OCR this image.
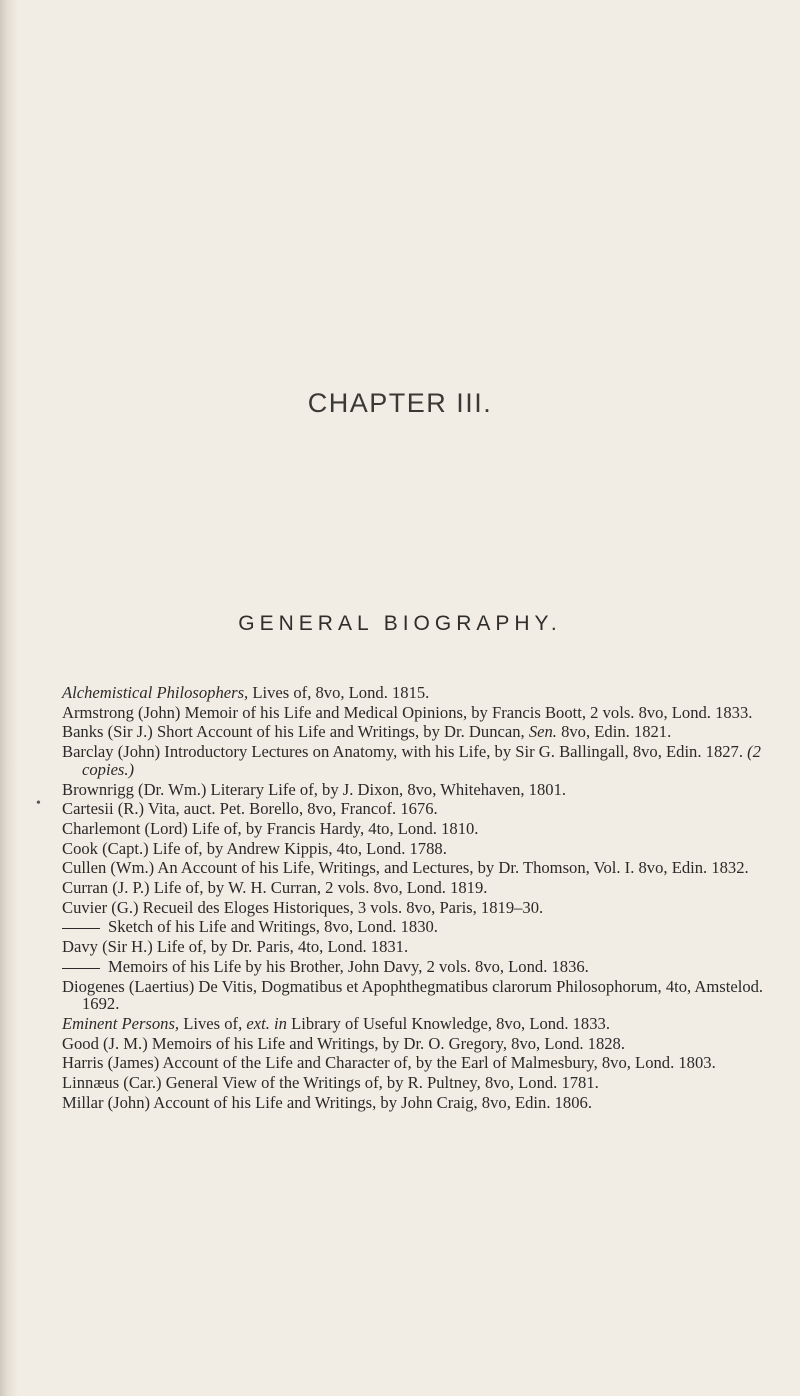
•
CHAPTER III.
GENERAL BIOGRAPHY.
Alchemistical Philosophers, Lives of, 8vo, Lond. 1815.
Armstrong (John) Memoir of his Life and Medical Opinions, by Francis Boott, 2 vols. 8vo, Lond. 1833.
Banks (Sir J.) Short Account of his Life and Writings, by Dr. Duncan, Sen. 8vo, Edin. 1821.
Barclay (John) Introductory Lectures on Anatomy, with his Life, by Sir G. Ballingall, 8vo, Edin. 1827. (2 copies.)
Brownrigg (Dr. Wm.) Literary Life of, by J. Dixon, 8vo, Whitehaven, 1801.
Cartesii (R.) Vita, auct. Pet. Borello, 8vo, Francof. 1676.
Charlemont (Lord) Life of, by Francis Hardy, 4to, Lond. 1810.
Cook (Capt.) Life of, by Andrew Kippis, 4to, Lond. 1788.
Cullen (Wm.) An Account of his Life, Writings, and Lectures, by Dr. Thomson, Vol. I. 8vo, Edin. 1832.
Curran (J. P.) Life of, by W. H. Curran, 2 vols. 8vo, Lond. 1819.
Cuvier (G.) Recueil des Eloges Historiques, 3 vols. 8vo, Paris, 1819–30.
Sketch of his Life and Writings, 8vo, Lond. 1830.
Davy (Sir H.) Life of, by Dr. Paris, 4to, Lond. 1831.
Memoirs of his Life by his Brother, John Davy, 2 vols. 8vo, Lond. 1836.
Diogenes (Laertius) De Vitis, Dogmatibus et Apophthegmatibus clarorum Philosophorum, 4to, Amstelod. 1692.
Eminent Persons, Lives of, ext. in Library of Useful Knowledge, 8vo, Lond. 1833.
Good (J. M.) Memoirs of his Life and Writings, by Dr. O. Gregory, 8vo, Lond. 1828.
Harris (James) Account of the Life and Character of, by the Earl of Malmesbury, 8vo, Lond. 1803.
Linnæus (Car.) General View of the Writings of, by R. Pultney, 8vo, Lond. 1781.
Millar (John) Account of his Life and Writings, by John Craig, 8vo, Edin. 1806.
